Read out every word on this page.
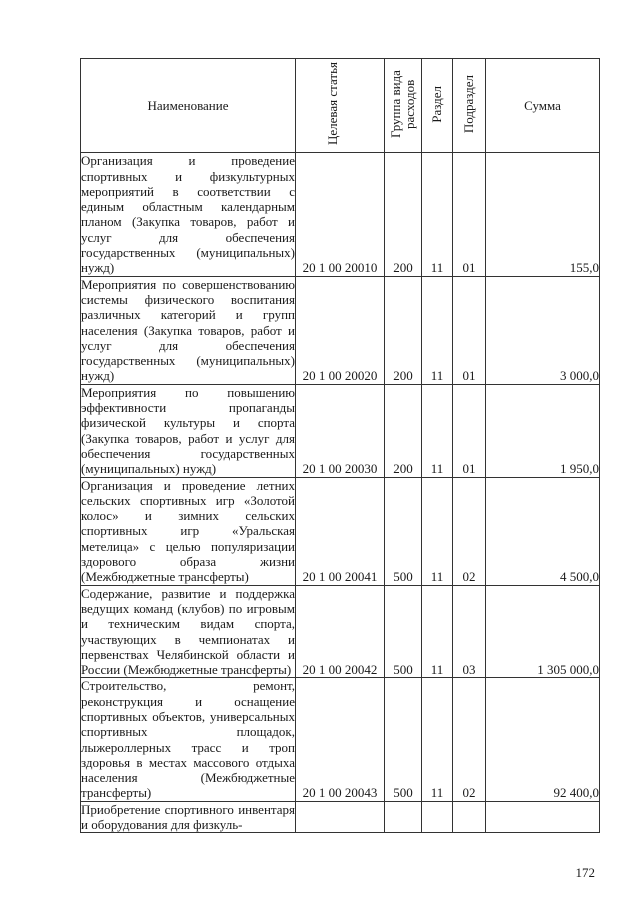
Наименование	Целевая статья	Группа вида расходов	Раздел	Подраздел	Сумма

Организация и проведение спортивных и физкультурных мероприятий в соответствии с единым областным календарным планом (Закупка товаров, работ и услуг для обеспечения государственных (муниципальных) нужд)	20 1 00 20010	200	11	01	155,0

Мероприятия по совершенствованию системы физического воспитания различных категорий и групп населения (Закупка товаров, работ и услуг для обеспечения государственных (муниципальных) нужд)	20 1 00 20020	200	11	01	3 000,0

Мероприятия по повышению эффективности пропаганды физической культуры и спорта (Закупка товаров, работ и услуг для обеспечения государственных (муниципальных) нужд)	20 1 00 20030	200	11	01	1 950,0

Организация и проведение летних сельских спортивных игр «Золотой колос» и зимних сельских спортивных игр «Уральская метелица» с целью популяризации здорового образа жизни (Межбюджетные трансферты)	20 1 00 20041	500	11	02	4 500,0

Содержание, развитие и поддержка ведущих команд (клубов) по игровым и техническим видам спорта, участвующих в чемпионатах и первенствах Челябинской области и России (Межбюджетные трансферты)	20 1 00 20042	500	11	03	1 305 000,0

Строительство, ремонт, реконструкция и оснащение спортивных объектов, универсальных спортивных площадок, лыжероллерных трасс и троп здоровья в местах массового отдыха населения (Межбюджетные трансферты)	20 1 00 20043	500	11	02	92 400,0

Приобретение спортивного инвентаря и оборудования для физкуль-					

172
